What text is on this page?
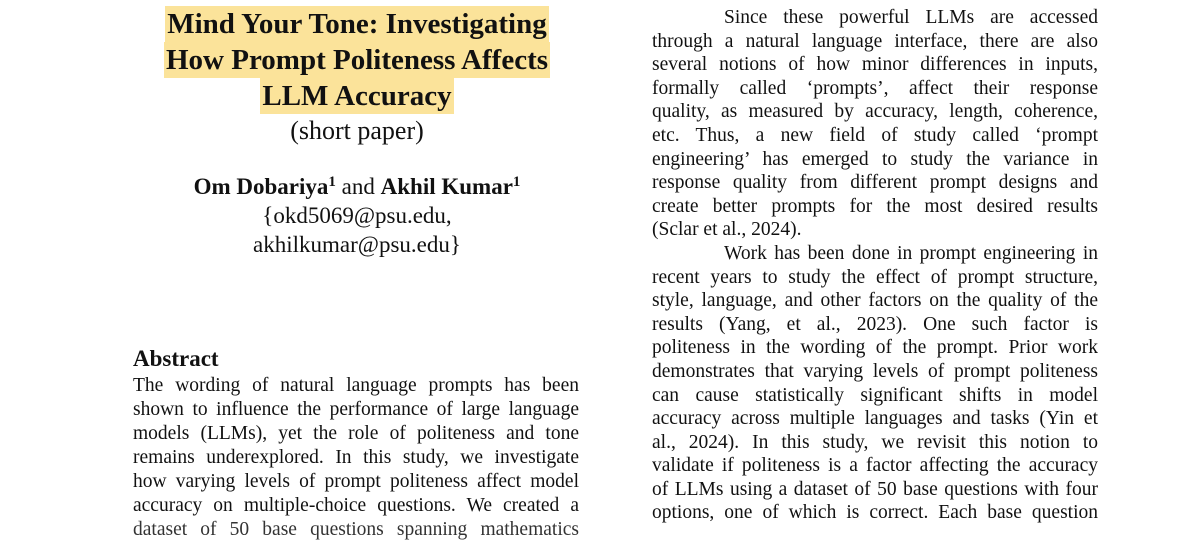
Mind Your Tone: Investigating
How Prompt Politeness Affects
LLM Accuracy
(short paper)
Om Dobariya$^1$ and Akhil Kumar$^1$
{okd5069@psu.edu,
akhilkumar@psu.edu}
Abstract
The wording of natural language prompts has been
shown to influence the performance of large language
models (LLMs), yet the role of politeness and tone
remains underexplored. In this study, we investigate
how varying levels of prompt politeness affect model
accuracy on multiple-choice questions. We created a
dataset of 50 base questions spanning mathematics
Since these powerful LLMs are accessed
through a natural language interface, there are also
several notions of how minor differences in inputs,
formally called ‘prompts’, affect their response
quality, as measured by accuracy, length, coherence,
etc. Thus, a new field of study called ‘prompt
engineering’ has emerged to study the variance in
response quality from different prompt designs and
create better prompts for the most desired results
(Sclar et al., 2024).
Work has been done in prompt engineering in
recent years to study the effect of prompt structure,
style, language, and other factors on the quality of the
results (Yang, et al., 2023). One such factor is
politeness in the wording of the prompt. Prior work
demonstrates that varying levels of prompt politeness
can cause statistically significant shifts in model
accuracy across multiple languages and tasks (Yin et
al., 2024). In this study, we revisit this notion to
validate if politeness is a factor affecting the accuracy
of LLMs using a dataset of 50 base questions with four
options, one of which is correct. Each base question
